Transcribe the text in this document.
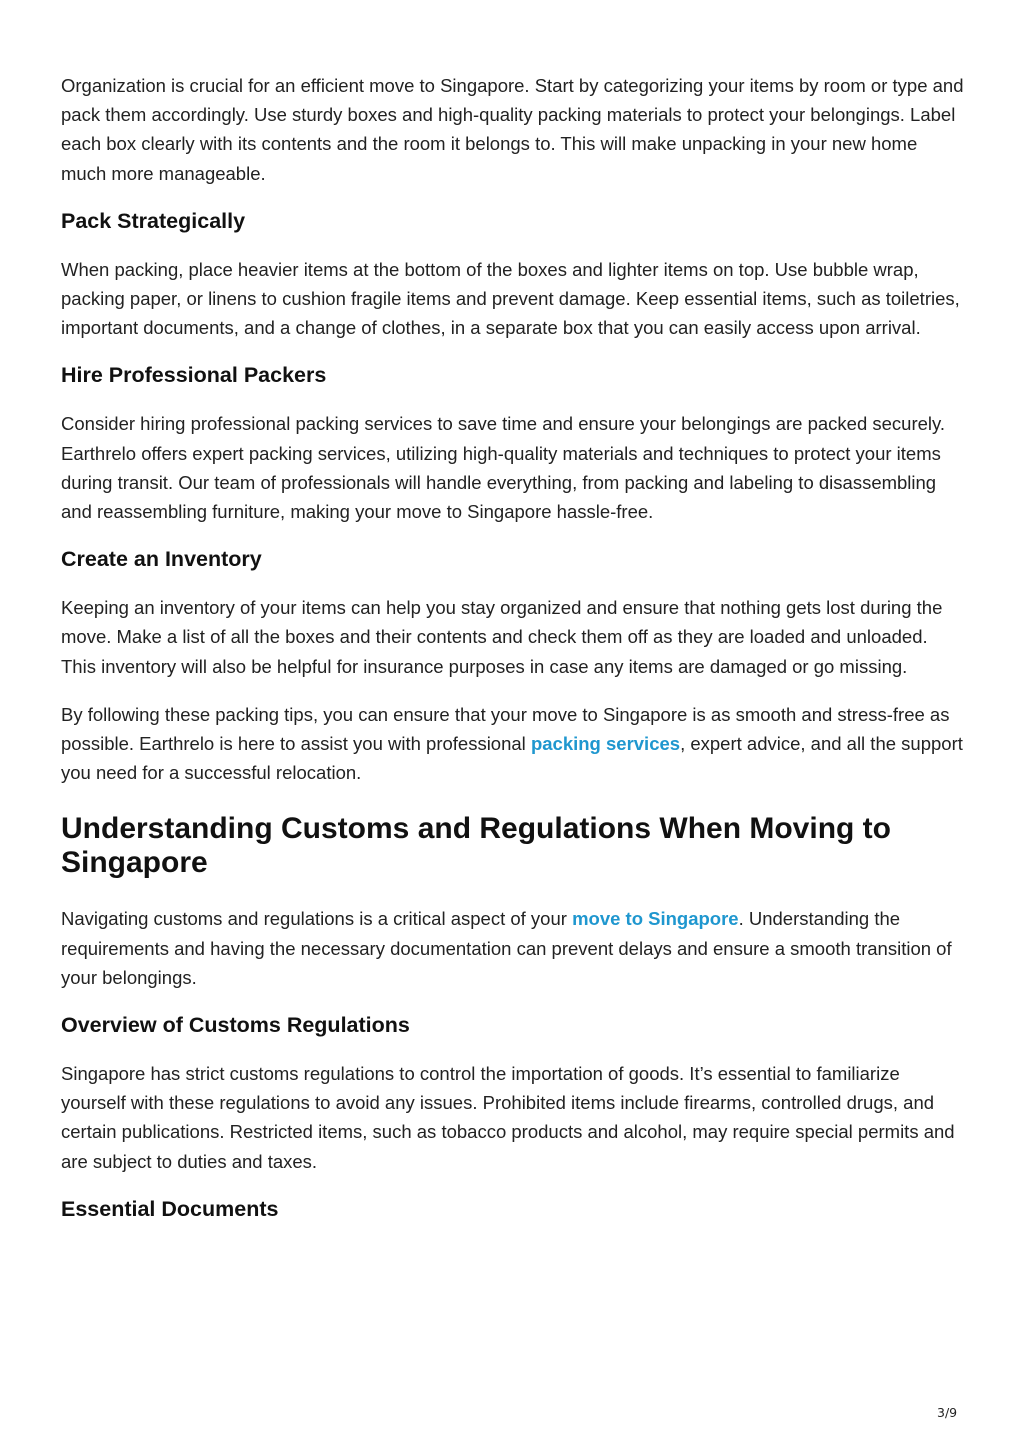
Organization is crucial for an efficient move to Singapore. Start by categorizing your items by room or type and pack them accordingly. Use sturdy boxes and high-quality packing materials to protect your belongings. Label each box clearly with its contents and the room it belongs to. This will make unpacking in your new home much more manageable.

Pack Strategically

When packing, place heavier items at the bottom of the boxes and lighter items on top. Use bubble wrap, packing paper, or linens to cushion fragile items and prevent damage. Keep essential items, such as toiletries, important documents, and a change of clothes, in a separate box that you can easily access upon arrival.

Hire Professional Packers

Consider hiring professional packing services to save time and ensure your belongings are packed securely. Earthrelo offers expert packing services, utilizing high-quality materials and techniques to protect your items during transit. Our team of professionals will handle everything, from packing and labeling to disassembling and reassembling furniture, making your move to Singapore hassle-free.

Create an Inventory

Keeping an inventory of your items can help you stay organized and ensure that nothing gets lost during the move. Make a list of all the boxes and their contents and check them off as they are loaded and unloaded. This inventory will also be helpful for insurance purposes in case any items are damaged or go missing.

By following these packing tips, you can ensure that your move to Singapore is as smooth and stress-free as possible. Earthrelo is here to assist you with professional packing services, expert advice, and all the support you need for a successful relocation.

Understanding Customs and Regulations When Moving to Singapore

Navigating customs and regulations is a critical aspect of your move to Singapore. Understanding the requirements and having the necessary documentation can prevent delays and ensure a smooth transition of your belongings.

Overview of Customs Regulations

Singapore has strict customs regulations to control the importation of goods. It’s essential to familiarize yourself with these regulations to avoid any issues. Prohibited items include firearms, controlled drugs, and certain publications. Restricted items, such as tobacco products and alcohol, may require special permits and are subject to duties and taxes.

Essential Documents
3/9
